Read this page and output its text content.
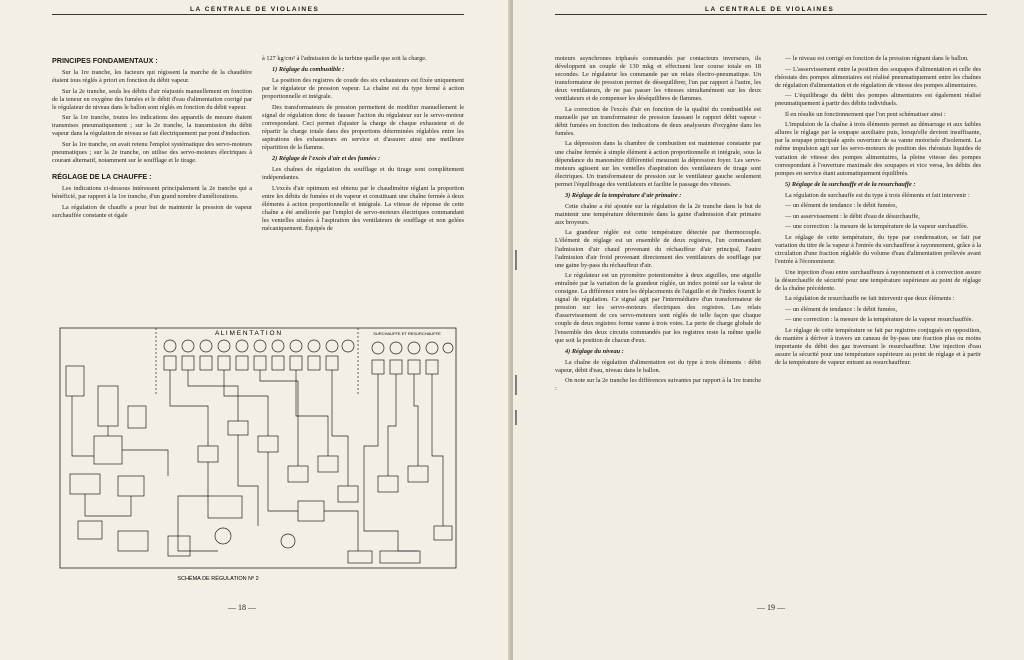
LA CENTRALE DE VIOLAINES
PRINCIPES FONDAMENTAUX :

Sur la 1re tranche, les facteurs qui régissent la marche de la chaudière étaient tous réglés à priori en fonction du débit vapeur.

Sur la 2e tranche, seuls les débits d'air réajustés manuellement en fonction de la teneur en oxygène des fumées et le débit d'eau d'alimentation corrigé par le régulateur de niveau dans le ballon sont réglés en fonction du débit vapeur.

Sur la 1re tranche, toutes les indications des appareils de mesure étaient transmises pneumatiquement ; sur la 2e tranche, la transmission du débit vapeur dans la régulation de niveau se fait électriquement par pont d'induction.

Sur la 1re tranche, on avait retenu l'emploi systématique des servo-moteurs pneumatiques ; sur la 2e tranche, on utilise des servo-moteurs électriques à courant alternatif, notamment sur le soufflage et le tirage.

RÉGLAGE DE LA CHAUFFE :

Les indications ci-dessous intéressent principalement la 2e tranche qui a bénéficié, par rapport à la 1re tranche, d'un grand nombre d'améliorations.

La régulation de chauffe a pour but de maintenir la pression de vapeur surchauffée constante et égale

à 127 kg/cm² à l'admission de la turbine quelle que soit la charge.

1) Réglage du combustible :

La position des registres de coude des six exhausteurs est fixée uniquement par le régulateur de pression vapeur. La chaîne est du type fermé à action proportionnelle et intégrale.

Des transformateurs de pression permettent de modifier manuellement le signal de régulation donc de fausser l'action du régulateur sur le servo-moteur correspondant. Ceci permet d'ajuster la charge de chaque exhausteur et de répartir la charge totale dans des proportions déterminées réglables entre les aspirations des exhausteurs en service et d'assurer ainsi une meilleure répartition de la flamme.

2) Réglage de l'excès d'air et des fumées :

Les chaînes de régulation du soufflage et du tirage sont complètement indépendantes.

L'excès d'air optimum est obtenu par le chaudimètre réglant la proportion entre les débits de fumées et de vapeur et constituant une chaîne fermée à deux éléments à action proportionnelle et intégrale. La vitesse de réponse de cette chaîne a été améliorée par l'emploi de servo-moteurs électriques commandant les ventelles situées à l'aspiration des ventilateurs de soufflage et non gelées mécaniquement. Équipés de

A L I M E N T A T I O N	SURCHAUFFE ET RESURCHAUFFE
SCHÉMA DE RÉGULATION Nº 2
— 18 —
LA CENTRALE DE VIOLAINES

moteurs asynchrones triphasés commandés par contacteurs inverseurs, ils développent un couple de 130 mkg et effectuent leur course totale en 18 secondes. Le régulateur les commande par un relais électro-pneumatique. Un transformateur de pression permet de désequilibrer, l'un par rapport à l'autre, les deux ventilateurs, de ne pas passer les vitesses simultanément sur les deux ventilateurs et de compenser les déséquilibres de flammes.

La correction de l'excès d'air en fonction de la qualité du combustible est manuelle par un transformateur de pression faussant le rapport débit vapeur - débit fumées en fonction des indications de deux analyseurs d'oxygène dans les fumées.

La dépression dans la chambre de combustion est maintenue constante par une chaîne fermée à simple élément à action proportionnelle et intégrale, sous la dépendance du manomètre différentiel mesurant la dépression foyer. Les servo-moteurs agissent sur les ventelles d'aspiration des ventilateurs de tirage sont électriques. Un transformateur de pression sur le ventilateur gauche seulement permet l'équilibrage des ventilateurs et facilite le passage des vitesses.

3) Réglage de la température d'air primaire :

Cette chaîne a été ajoutée sur la régulation de la 2e tranche dans le but de maintenir une température déterminée dans la gaine d'admission d'air primaire aux broyeurs.

La grandeur réglée est cette température détectée par thermocouple. L'élément de réglage est un ensemble de deux registres, l'un commandant l'admission d'air chaud provenant du réchauffeur d'air principal, l'autre l'admission d'air froid provenant directement des ventilateurs de soufflage par une gaine by-pass du réchauffeur d'air.

Le régulateur est un pyromètre potentiomètre à deux aiguilles, une aiguille entraînée par la variation de la grandeur réglée, un index pointé sur la valeur de consigne. La différence entre les déplacements de l'aiguille et de l'index fournit le signal de régulation. Ce signal agit par l'intermédiaire d'un transformateur de pression sur les servo-moteurs électriques des registres. Les relais d'asservissement de ces servo-moteurs sont réglés de telle façon que chaque couple de deux registres forme vanne à trois voies. La perte de charge globale de l'ensemble des deux circuits commandés par les registres reste la même quelle que soit la position de chacun d'eux.

4) Réglage du niveau :

La chaîne de régulation d'alimentation est du type à trois éléments : débit vapeur, débit d'eau, niveau dans le ballon.

On note sur la 2e tranche les différences suivantes par rapport à la 1re tranche :

— le niveau est corrigé en fonction de la pression régnant dans le ballon.

— L'asservissement entre la position des soupapes d'alimentation et celle des rhéostats des pompes alimentaires est réalisé pneumatiquement entre les chaînes de régulation d'alimentation et de régulation de vitesse des pompes alimentaires.

— L'équilibrage du débit des pompes alimentaires est également réalisé pneumatiquement à partir des débits individuels.

Il en résulte un fonctionnement que l'on peut schématiser ainsi :

L'impulsion de la chaîne à trois éléments permet au démarrage et aux faibles allures le réglage par la soupape auxiliaire puis, lorsqu'elle devient insuffisante, par la soupape principale après ouverture de sa vanne motorisée d'isolement. La même impulsion agit sur les servo-moteurs de position des rhéostats liquides de variation de vitesse des pompes alimentaires, la pleine vitesse des pompes correspondant à l'ouverture maximale des soupapes et vice versa, les débits des pompes en service étant automatiquement équilibrés.

5) Réglage de la surchauffe et de la resurchauffe :

La régulation de surchauffe est du type à trois éléments et fait intervenir :

— un élément de tendance : le débit fumées,

— un asservissement : le débit d'eau de désurchauffe,

— une correction : la mesure de la température de la vapeur surchauffée.

Le réglage de cette température, du type par condensation, se fait par variation du titre de la vapeur à l'entrée du surchauffeur à rayonnement, grâce à la circulation d'une fraction réglable du volume d'eau d'alimentation prélevée avant l'entrée à l'économiseur.

Une injection d'eau entre surchauffeurs à rayonnement et à convection assure la désurchauffe de sécurité pour une température supérieure au point de réglage de la chaîne précédente.

La régulation de resurchauffe ne fait intervenir que deux éléments :

— un élément de tendance : le débit fumées,

— une correction : la mesure de la température de la vapeur resurchauffée.

Le réglage de cette température se fait par registres conjugués en opposition, de manière à dériver à travers un caneau de by-pass une fraction plus ou moins importante du débit des gaz traversant le resurchauffeur. Une injection d'eau assure la sécurité pour une température supérieure au point de réglage et à partir de la température de vapeur entrant au resurchauffeur.

— 19 —
